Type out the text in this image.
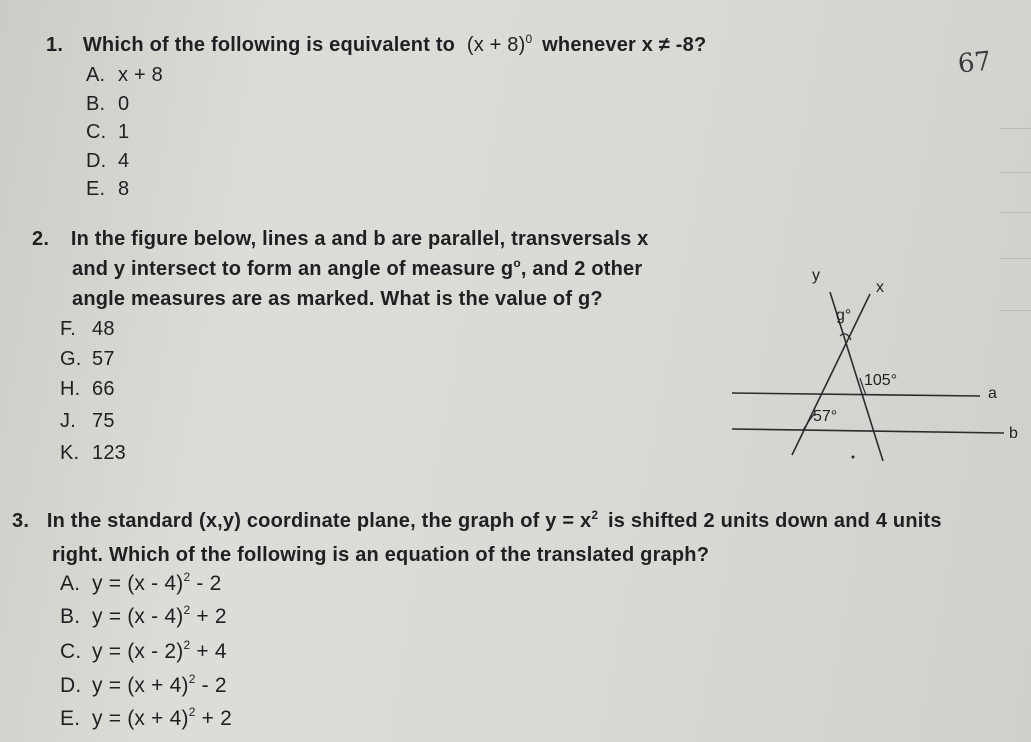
67
1. Which of the following is equivalent to $(x + 8)^0$ whenever x ≠ -8?
A. x + 8
B. 0
C. 1
D. 4
E. 8
2. In the figure below, lines a and b are parallel, transversals x
and y intersect to form an angle of measure $g^o$, and 2 other
angle measures are as marked. What is the value of g?
F. 48
G. 57
H. 66
J. 75
K. 123
y
x
g°
105°
57°
a
b
3. In the standard (x,y) coordinate plane, the graph of $y = x^2$ is shifted 2 units down and 4 units
right. Which of the following is an equation of the translated graph?
A. y = (x - 4)$^2$ - 2
B. y = (x - 4)$^2$ + 2
C. y = (x - 2)$^2$ + 4
D. $y = (x + 4)^2 - 2$
E. $y = (x + 4)^2 + 2$
